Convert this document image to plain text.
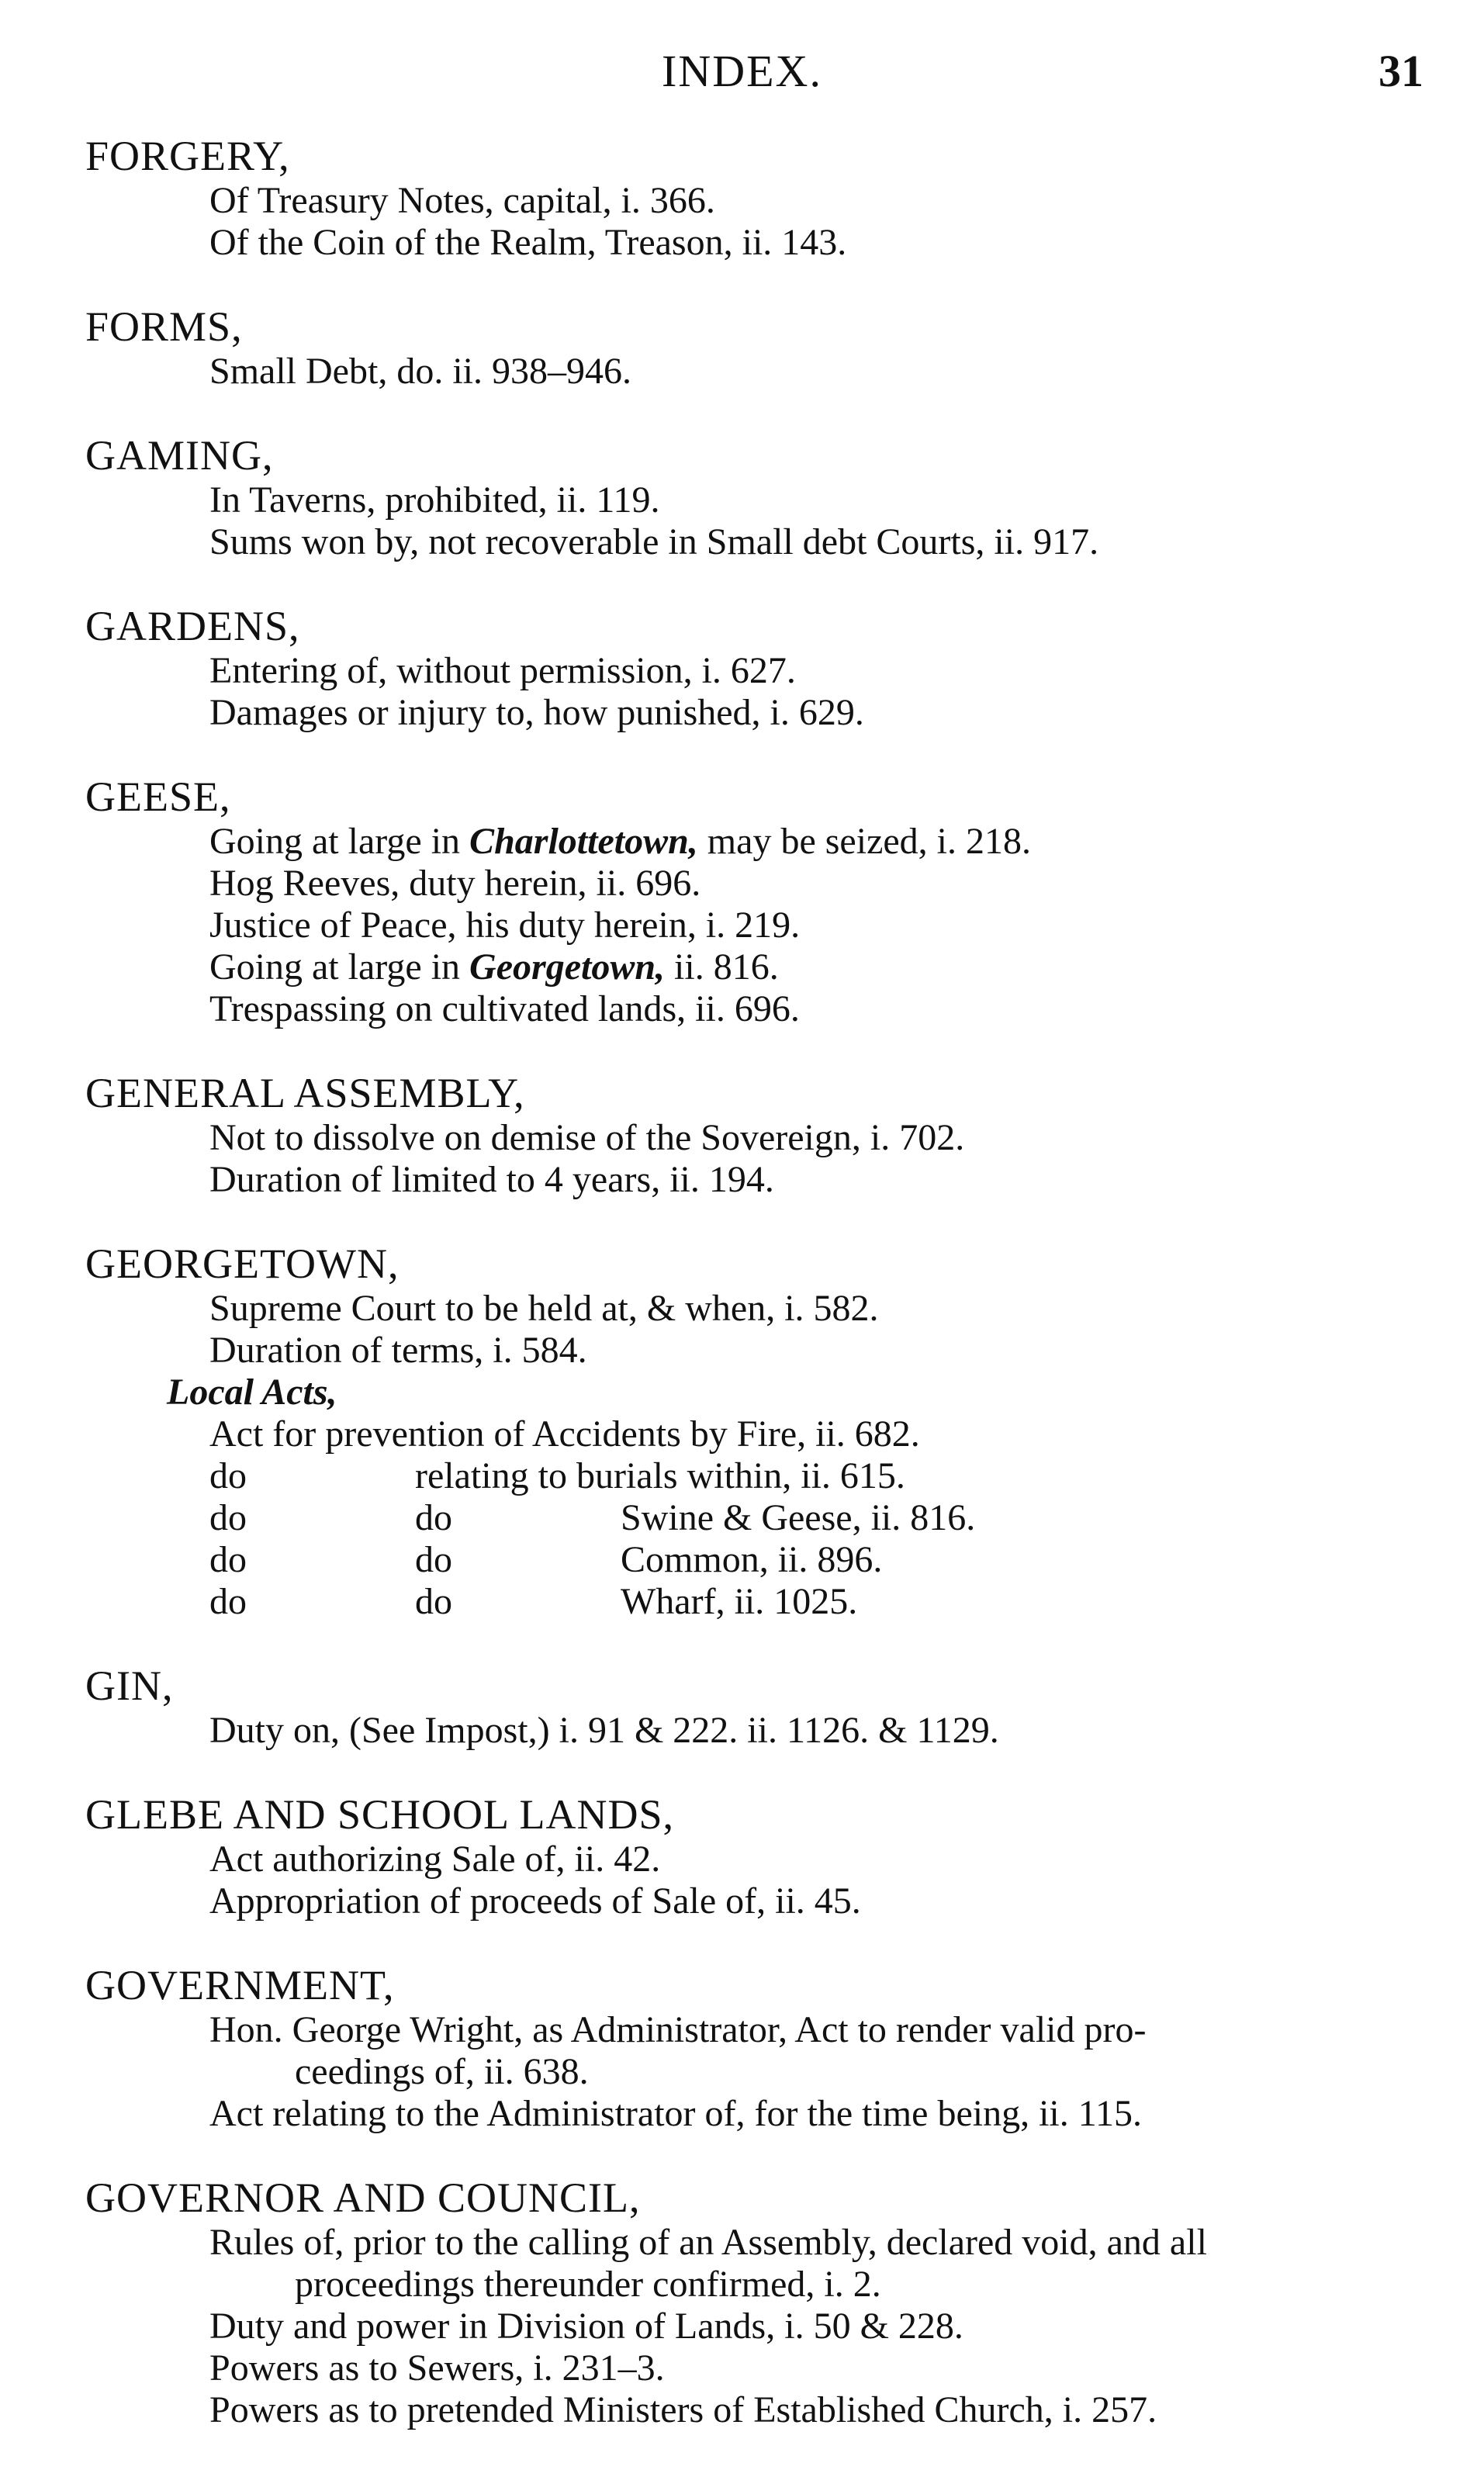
INDEX.	31
FORGERY,
Of Treasury Notes, capital, i. 366.
Of the Coin of the Realm, Treason, ii. 143.
FORMS,
Small Debt, do. ii. 938–946.
GAMING,
In Taverns, prohibited, ii. 119.
Sums won by, not recoverable in Small debt Courts, ii. 917.
GARDENS,
Entering of, without permission, i. 627.
Damages or injury to, how punished, i. 629.
GEESE,
Going at large in Charlottetown, may be seized, i. 218.
Hog Reeves, duty herein, ii. 696.
Justice of Peace, his duty herein, i. 219.
Going at large in Georgetown, ii. 816.
Trespassing on cultivated lands, ii. 696.
GENERAL ASSEMBLY,
Not to dissolve on demise of the Sovereign, i. 702.
Duration of limited to 4 years, ii. 194.
GEORGETOWN,
Supreme Court to be held at, & when, i. 582.
Duration of terms, i. 584.
Local Acts,
Act for prevention of Accidents by Fire, ii. 682.
do	relating to burials within, ii. 615.
do	do	Swine & Geese, ii. 816.
do	do	Common, ii. 896.
do	do	Wharf, ii. 1025.
GIN,
Duty on, (See Impost,) i. 91 & 222. ii. 1126. & 1129.
GLEBE AND SCHOOL LANDS,
Act authorizing Sale of, ii. 42.
Appropriation of proceeds of Sale of, ii. 45.
GOVERNMENT,
Hon. George Wright, as Administrator, Act to render valid pro-
ceedings of, ii. 638.
Act relating to the Administrator of, for the time being, ii. 115.
GOVERNOR AND COUNCIL,
Rules of, prior to the calling of an Assembly, declared void, and all
proceedings thereunder confirmed, i. 2.
Duty and power in Division of Lands, i. 50 & 228.
Powers as to Sewers, i. 231–3.
Powers as to pretended Ministers of Established Church, i. 257.
